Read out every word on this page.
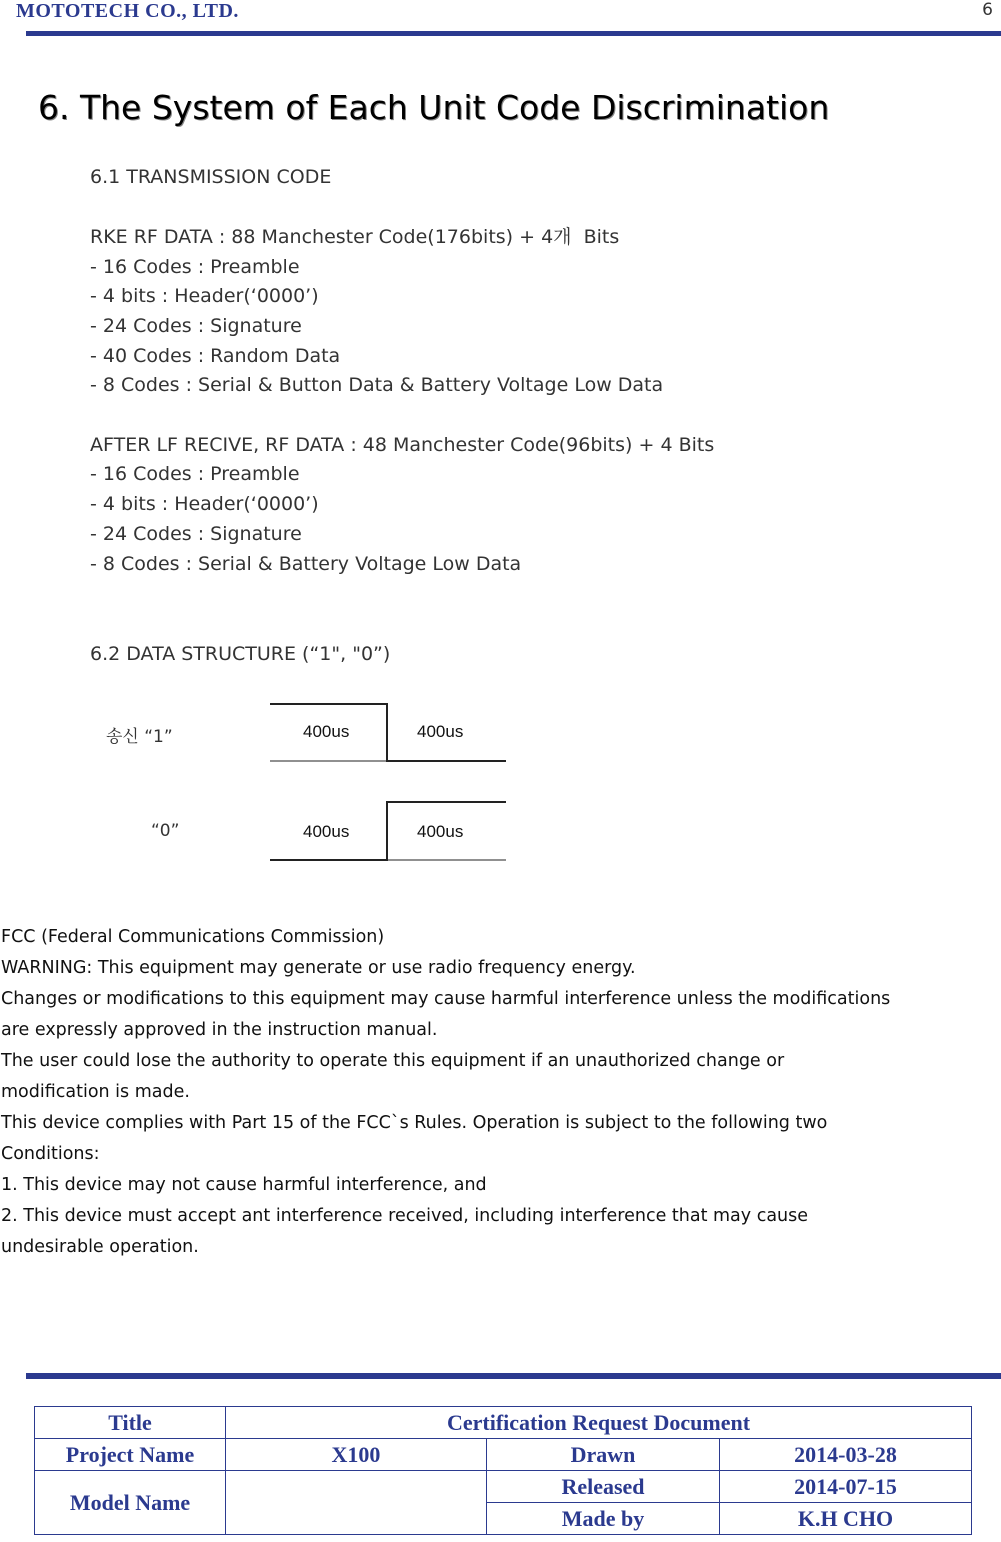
MOTOTECH CO., LTD.	6
6. The System of Each Unit Code Discrimination
6.1 TRANSMISSION CODE
RKE RF DATA : 88 Manchester Code(176bits) + 4개  Bits
- 16 Codes : Preamble
- 4 bits : Header(‘0000’)
- 24 Codes : Signature
- 40 Codes : Random Data
- 8 Codes : Serial & Button Data & Battery Voltage Low Data
AFTER LF RECIVE, RF DATA : 48 Manchester Code(96bits) + 4 Bits
- 16 Codes : Preamble
- 4 bits : Header(‘0000’)
- 24 Codes : Signature
- 8 Codes : Serial & Battery Voltage Low Data
6.2 DATA STRUCTURE (“1", "0”)
송신 “1”
“0”
400us	400us
400us	400us
FCC (Federal Communications Commission)
WARNING: This equipment may generate or use radio frequency energy.
Changes or modifications to this equipment may cause harmful interference unless the modifications
are expressly approved in the instruction manual.
The user could lose the authority to operate this equipment if an unauthorized change or
modification is made.
This device complies with Part 15 of the FCC`s Rules. Operation is subject to the following two
Conditions:
1. This device may not cause harmful interference, and
2. This device must accept ant interference received, including interference that may cause
undesirable operation.
Title	Certification Request Document		
Project Name	X100	Drawn	2014-03-28
Model Name		Released	2014-07-15
		Made by	K.H CHO
